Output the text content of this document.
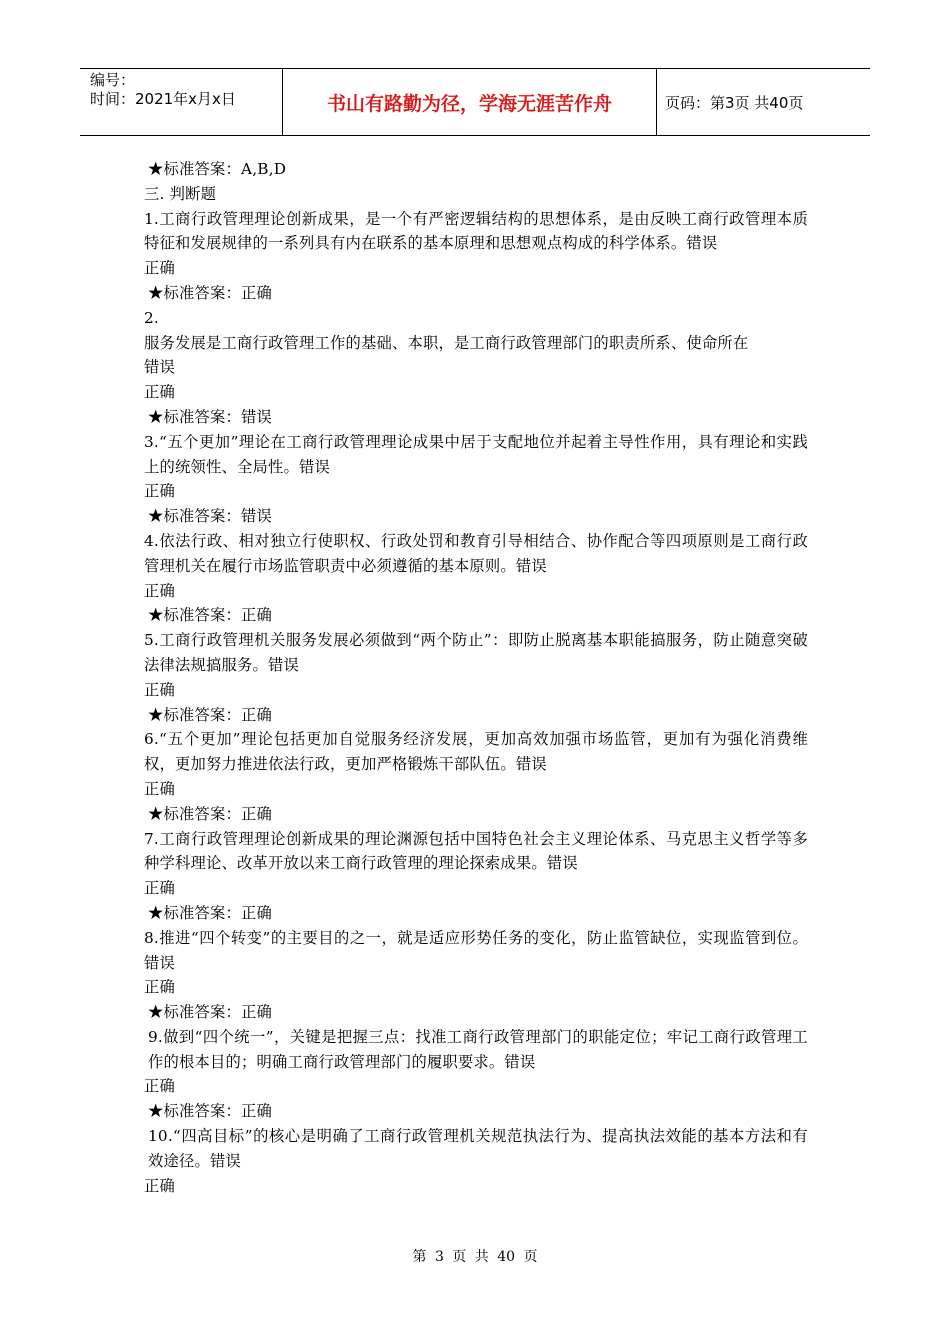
编号：
时间：2021年x月x日	书山有路勤为径，学海无涯苦作舟	页码：第3页 共40页
★标准答案：A,B,D
三. 判断题
1.工商行政管理理论创新成果，是一个有严密逻辑结构的思想体系，是由反映工商行政管理本质特征和发展规律的一系列具有内在联系的基本原理和思想观点构成的科学体系。错误
正确
★标准答案：正确
2.
服务发展是工商行政管理工作的基础、本职，是工商行政管理部门的职责所系、使命所在
错误
正确
★标准答案：错误
3.“五个更加”理论在工商行政管理理论成果中居于支配地位并起着主导性作用，具有理论和实践上的统领性、全局性。错误
正确
★标准答案：错误
4.依法行政、相对独立行使职权、行政处罚和教育引导相结合、协作配合等四项原则是工商行政管理机关在履行市场监管职责中必须遵循的基本原则。错误
正确
★标准答案：正确
5.工商行政管理机关服务发展必须做到“两个防止”：即防止脱离基本职能搞服务，防止随意突破法律法规搞服务。错误
正确
★标准答案：正确
6.“五个更加”理论包括更加自觉服务经济发展，更加高效加强市场监管，更加有为强化消费维权，更加努力推进依法行政，更加严格锻炼干部队伍。错误
正确
★标准答案：正确
7.工商行政管理理论创新成果的理论渊源包括中国特色社会主义理论体系、马克思主义哲学等多种学科理论、改革开放以来工商行政管理的理论探索成果。错误
正确
★标准答案：正确
8.推进“四个转变”的主要目的之一，就是适应形势任务的变化，防止监管缺位，实现监管到位。错误
正确
★标准答案：正确
9.做到“四个统一”，关键是把握三点：找准工商行政管理部门的职能定位；牢记工商行政管理工作的根本目的；明确工商行政管理部门的履职要求。错误
正确
★标准答案：正确
10.“四高目标”的核心是明确了工商行政管理机关规范执法行为、提高执法效能的基本方法和有效途径。错误
正确
第 3 页 共 40 页
